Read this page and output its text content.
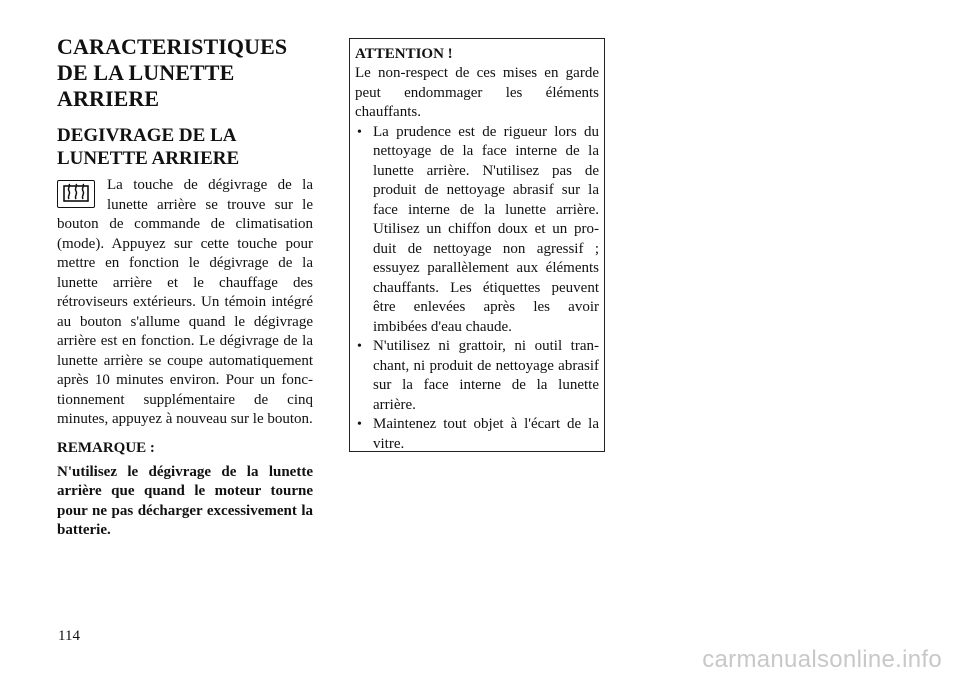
CARACTERISTIQUES DE LA LUNETTE ARRIERE
DEGIVRAGE DE LA LUNETTE ARRIERE

La touche de dégivrage de la lunette arrière se trouve sur le bouton de commande de climatisation (mode). Appuyez sur cette touche pour mettre en fonction le dégivrage de la lunette arrière et le chauffage des rétroviseurs extérieurs. Un témoin intégré au bouton s'allume quand le dégivrage arrière est en fonction. Le dégivrage de la lunette arrière se coupe automatiquement après 10 minutes environ. Pour un fonctionnement supplémentaire de cinq minutes, appuyez à nouveau sur le bouton.

REMARQUE :

N'utilisez le dégivrage de la lunette arrière que quand le moteur tourne pour ne pas décharger excessivement la batterie.

ATTENTION !

Le non-respect de ces mises en garde peut endommager les éléments chauffants.

• La prudence est de rigueur lors du nettoyage de la face interne de la lunette arrière. N'utilisez pas de produit de nettoyage abrasif sur la face interne de la lunette arrière. Utilisez un chiffon doux et un produit de nettoyage non agressif ; essuyez parallèlement aux éléments chauffants. Les étiquettes peuvent être enlevées après les avoir imbibées d'eau chaude.
• N'utilisez ni grattoir, ni outil tranchant, ni produit de nettoyage abrasif sur la face interne de la lunette arrière.
• Maintenez tout objet à l'écart de la vitre.
114
carmanualsonline.info
